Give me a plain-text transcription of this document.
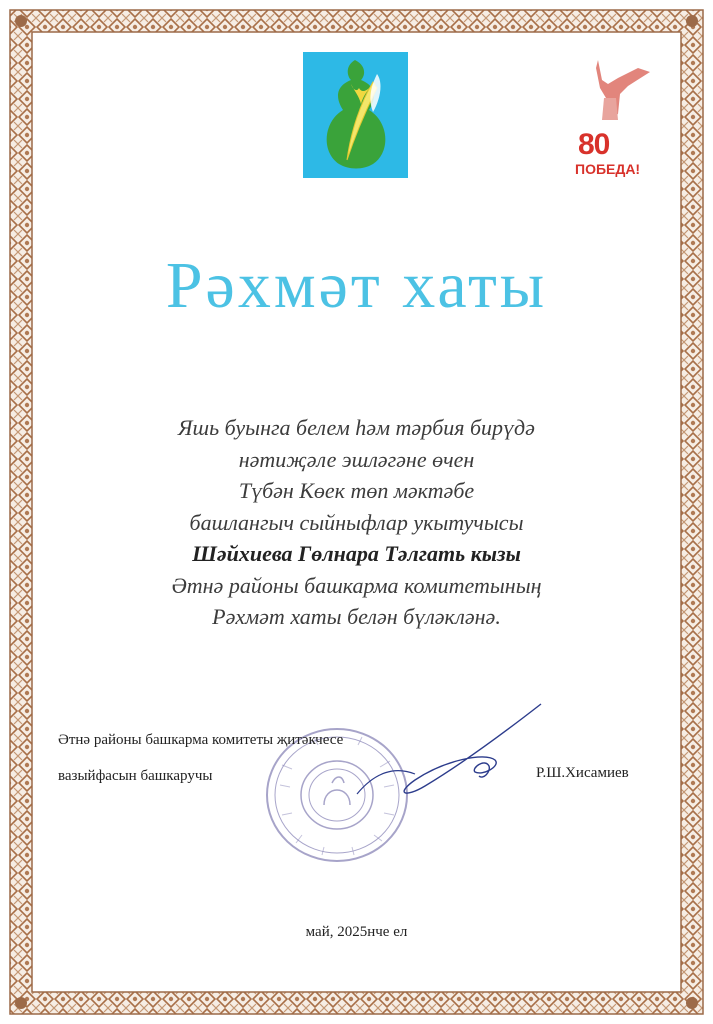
80
ПОБЕДА!
Рәхмәт хаты
Яшь буынга белем һәм тәрбия бирүдә
нәтиҗәле эшләгәне өчен
Түбән Көек төп мәктәбе
башлангыч сыйныфлар укытучысы
Шәйхиева Гөлнара Тәлгать кызы
Әтнә районы башкарма комитетының
Рәхмәт хаты белән бүләкләнә.
Әтнә районы башкарма комитеты җитәкчесе
вазыйфасын башкаручы	Р.Ш.Хисамиев
май, 2025нче ел
